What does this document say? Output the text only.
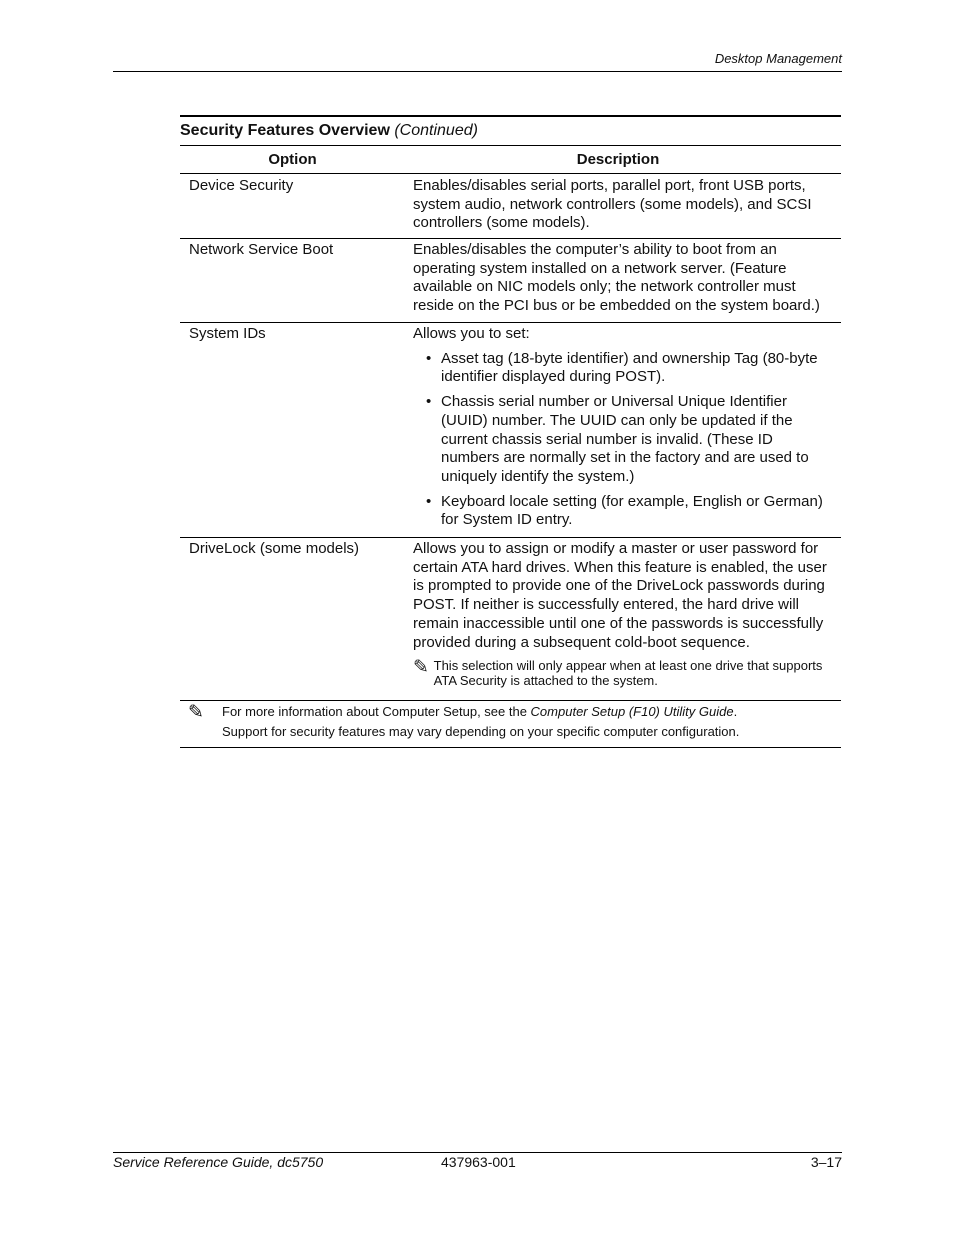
Desktop Management
Security Features Overview (Continued)
Option	Description
Device Security	Enables/disables serial ports, parallel port, front USB ports, system audio, network controllers (some models), and SCSI controllers (some models).
Network Service Boot	Enables/disables the computer’s ability to boot from an operating system installed on a network server. (Feature available on NIC models only; the network controller must reside on the PCI bus or be embedded on the system board.)
System IDs	Allows you to set:
• Asset tag (18-byte identifier) and ownership Tag (80-byte identifier displayed during POST).
• Chassis serial number or Universal Unique Identifier (UUID) number. The UUID can only be updated if the current chassis serial number is invalid. (These ID numbers are normally set in the factory and are used to uniquely identify the system.)
• Keyboard locale setting (for example, English or German) for System ID entry.
DriveLock (some models)	Allows you to assign or modify a master or user password for certain ATA hard drives. When this feature is enabled, the user is prompted to provide one of the DriveLock passwords during POST. If neither is successfully entered, the hard drive will remain inaccessible until one of the passwords is successfully provided during a subsequent cold-boot sequence.
✎ This selection will only appear when at least one drive that supports ATA Security is attached to the system.
✎	For more information about Computer Setup, see the Computer Setup (F10) Utility Guide.
Support for security features may vary depending on your specific computer configuration.
Service Reference Guide, dc5750	437963-001	3–17
